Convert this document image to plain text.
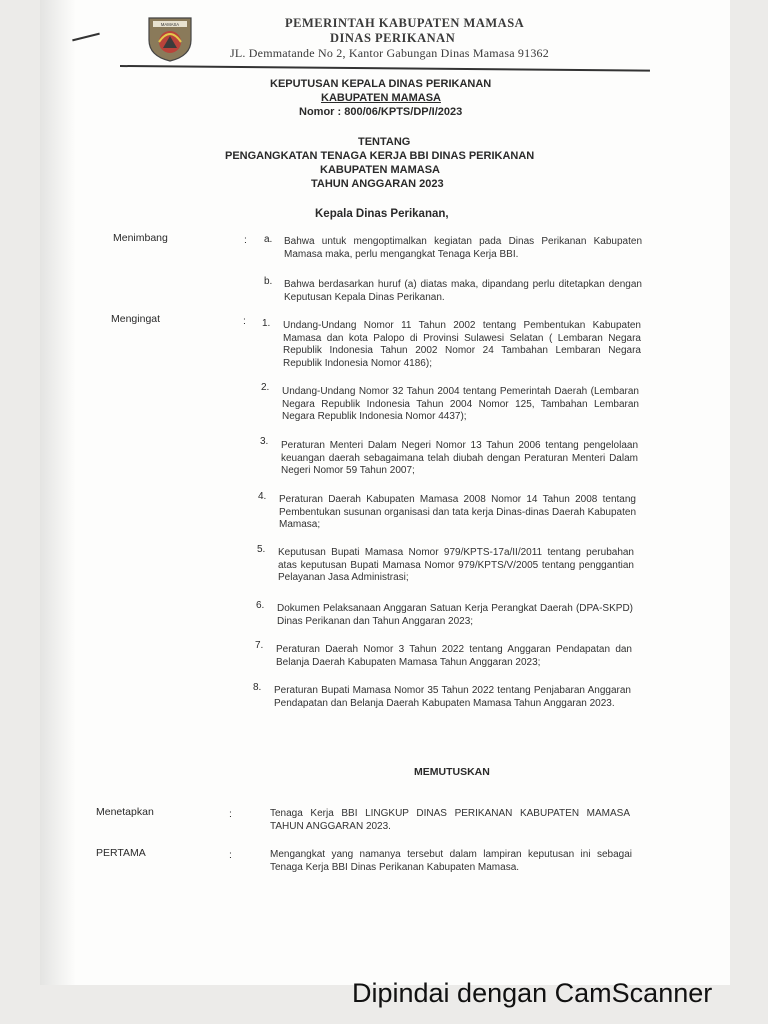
MAMASA	PEMERINTAH KABUPATEN MAMASA
DINAS PERIKANAN
JL. Demmatande No 2, Kantor Gabungan Dinas Mamasa 91362
KEPUTUSAN KEPALA DINAS PERIKANAN
KABUPATEN MAMASA
Nomor : 800/06/KPTS/DP/I/2023
TENTANG
PENGANGKATAN TENAGA KERJA BBI DINAS PERIKANAN
KABUPATEN MAMASA
TAHUN ANGGARAN 2023
Kepala Dinas Perikanan,
Menimbang	: a. Bahwa untuk mengoptimalkan kegiatan pada Dinas Perikanan Kabupaten Mamasa maka, perlu mengangkat Tenaga Kerja BBI.
b. Bahwa berdasarkan huruf (a) diatas maka, dipandang perlu ditetapkan dengan Keputusan Kepala Dinas Perikanan.
Mengingat	: 1. Undang-Undang Nomor 11 Tahun 2002 tentang Pembentukan Kabupaten Mamasa dan kota Palopo di Provinsi Sulawesi Selatan ( Lembaran Negara Republik Indonesia Tahun 2002 Nomor 24 Tambahan Lembaran Negara Republik Indonesia Nomor 4186);
2. Undang-Undang Nomor 32 Tahun 2004 tentang Pemerintah Daerah (Lembaran Negara Republik Indonesia Tahun 2004 Nomor 125, Tambahan Lembaran Negara Republik Indonesia Nomor 4437);
3. Peraturan Menteri Dalam Negeri Nomor 13 Tahun 2006 tentang pengelolaan keuangan daerah sebagaimana telah diubah dengan Peraturan Menteri Dalam Negeri Nomor 59 Tahun 2007;
4. Peraturan Daerah Kabupaten Mamasa 2008 Nomor 14 Tahun 2008 tentang Pembentukan susunan organisasi dan tata kerja Dinas-dinas Daerah Kabupaten Mamasa;
5. Keputusan Bupati Mamasa Nomor 979/KPTS-17a/II/2011 tentang perubahan atas keputusan Bupati Mamasa Nomor 979/KPTS/V/2005 tentang penggantian Pelayanan Jasa Administrasi;
6. Dokumen Pelaksanaan Anggaran Satuan Kerja Perangkat Daerah (DPA-SKPD) Dinas Perikanan dan Tahun Anggaran 2023;
7. Peraturan Daerah Nomor 3 Tahun 2022 tentang Anggaran Pendapatan dan Belanja Daerah Kabupaten Mamasa Tahun Anggaran 2023;
8. Peraturan Bupati Mamasa Nomor 35 Tahun 2022 tentang Penjabaran Anggaran Pendapatan dan Belanja Daerah Kabupaten Mamasa Tahun Anggaran 2023.
MEMUTUSKAN
Menetapkan	:	Tenaga Kerja BBI LINGKUP DINAS PERIKANAN KABUPATEN MAMASA TAHUN ANGGARAN 2023.
PERTAMA	:	Mengangkat yang namanya tersebut dalam lampiran keputusan ini sebagai Tenaga Kerja BBI Dinas Perikanan Kabupaten Mamasa.
Dipindai dengan CamScanner
